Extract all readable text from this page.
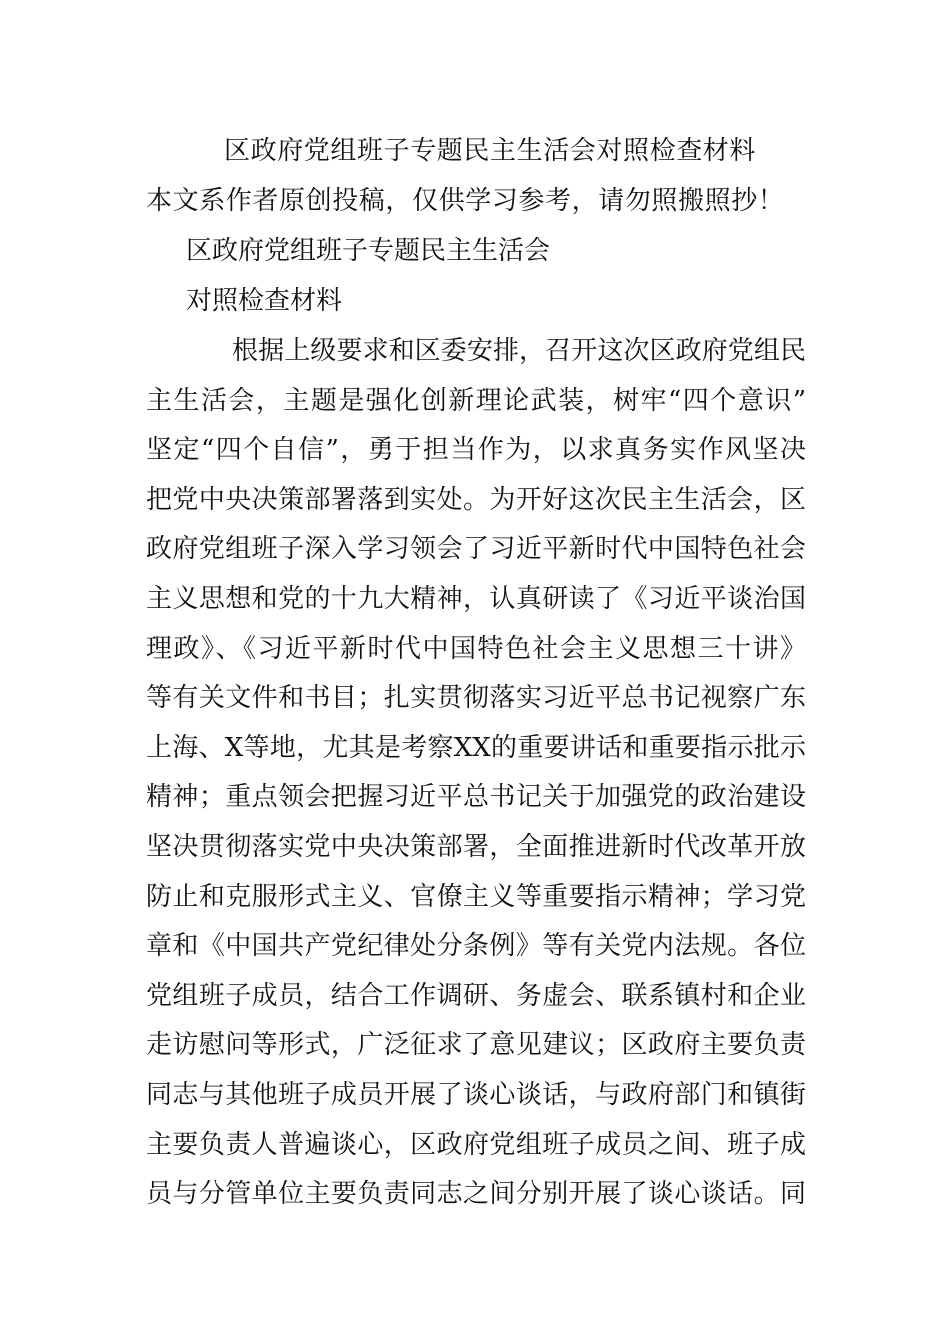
区政府党组班子专题民主生活会对照检查材料
本文系作者原创投稿，仅供学习参考，请勿照搬照抄！
区政府党组班子专题民主生活会
对照检查材料
根据上级要求和区委安排，召开这次区政府党组民
主生活会，主题是强化创新理论武装，树牢“四个意识”
坚定“四个自信”，勇于担当作为，以求真务实作风坚决
把党中央决策部署落到实处。为开好这次民主生活会，区
政府党组班子深入学习领会了习近平新时代中国特色社会
主义思想和党的十九大精神，认真研读了《习近平谈治国
理政》、《习近平新时代中国特色社会主义思想三十讲》
等有关文件和书目；扎实贯彻落实习近平总书记视察广东
上海、X等地，尤其是考察XX的重要讲话和重要指示批示
精神；重点领会把握习近平总书记关于加强党的政治建设
坚决贯彻落实党中央决策部署，全面推进新时代改革开放
防止和克服形式主义、官僚主义等重要指示精神；学习党
章和《中国共产党纪律处分条例》等有关党内法规。各位
党组班子成员，结合工作调研、务虚会、联系镇村和企业
走访慰问等形式，广泛征求了意见建议；区政府主要负责
同志与其他班子成员开展了谈心谈话，与政府部门和镇街
主要负责人普遍谈心，区政府党组班子成员之间、班子成
员与分管单位主要负责同志之间分别开展了谈心谈话。同
